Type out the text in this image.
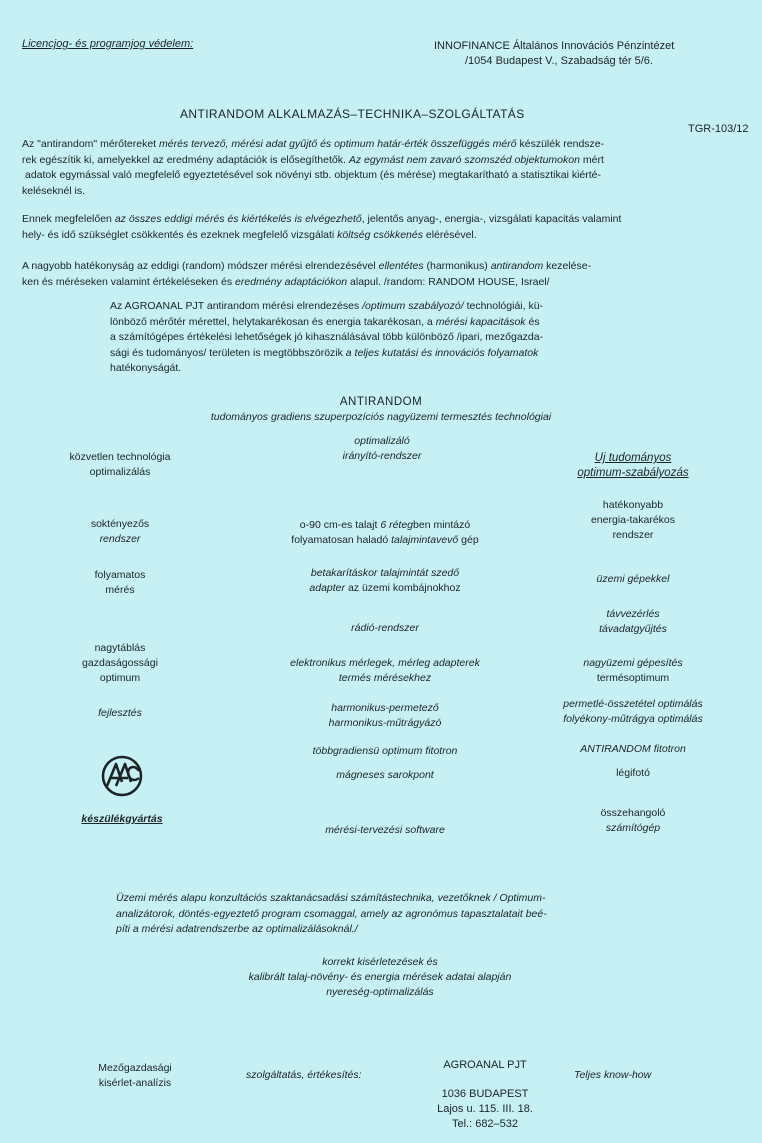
Licencjog- és programjog védelem:	INNOFINANCE Általános Innovációs Pénzintézet
/1054 Budapest V., Szabadság tér 5/6.
ANTIRANDOM ALKALMAZÁS–TECHNIKA–SZOLGÁLTATÁS
TGR-103/12
Az "antirandom" mérőtereket mérés tervező, mérési adat gyűjtő és optimum határ-érték összefüggés mérő készülék rendsze-
rek egészítik ki, amelyekkel az eredmény adaptációk is elősegíthetők. Az egymást nem zavaró szomszéd objektumokon mért
adatok egymással való megfelelő egyeztetésével sok növényi stb. objektum (és mérése) megtakarítható a statisztikai kiérté-
keléseknél is.
Ennek megfelelően az összes eddigi mérés és kiértékelés is elvégezhető, jelentős anyag-, energia-, vizsgálati kapacitás valamint
hely- és idő szükséglet csökkentés és ezeknek megfelelő vizsgálati költség csökkenés elérésével.
A nagyobb hatékonyság az eddigi (random) módszer mérési elrendezésével ellentétes (harmonikus) antirandom kezelése-
ken és méréseken valamint értékeléseken és eredmény adaptációkon alapul. /random: RANDOM HOUSE, Israel/
Az AGROANAL PJT antirandom mérési elrendezéses /optimum szabályozó/ technológiái, kü-
lönböző mérőtér mérettel, helytakarékosan és energia takarékosan, a mérési kapacitások és
a számítógépes értékelési lehetőségek jó kihasználásával több különböző /ipari, mezőgazda-
sági és tudományos/ területen is megtöbbszörözik a teljes kutatási és innovációs folyamatok
hatékonyságát.
ANTIRANDOM
tudományos gradiens szuperpozíciós nagyüzemi termesztés technológiai
optimalizáló
irányító-rendszer
közvetlen technológia
optimalizálás
soktényezős
rendszer
folyamatos
mérés
nagytáblás
gazdaságossági
optimum
fejlesztés
készülékgyártás
o-90 cm-es talajt 6 rétegben mintázó
folyamatosan haladó talajmintavevő gép
betakarításkor talajmintát szedő
adapter az üzemi kombájnokhoz
rádió-rendszer
elektronikus mérlegek, mérleg adapterek
termés mérésekhez
harmonikus-permetező
harmonikus-műtrágyázó
többgradiensü optimum fitotron
mágneses sarokpont
mérési-tervezési software
Uj tudományos
optimum-szabályozás
hatékonyabb
energia-takarékos
rendszer
üzemi gépekkel
távvezérlés
távadatgyűjtés
nagyüzemi gépesítés
termésoptimum
permetlé-összetétel optimálás
folyékony-műtrágya optimálás
ANTIRANDOM fitotron
légifotó
összehangoló
számítógép
Üzemi mérés alapu konzultációs szaktanácsadási számítástechnika, vezetőknek / Optimum-
analizátorok, döntés-egyeztető program csomaggal, amely az agronómus tapasztalatait beé-
píti a mérési adatrendszerbe az optimalizálásoknál./
korrekt kisérletezések és
kalibrált talaj-növény- és energia mérések adatai alapján
nyereség-optimalizálás
Mezőgazdasági
kisérlet-analízis
szolgáltatás, értékesítés:
AGROANAL PJT
1036 BUDAPEST
Lajos u. 115. III. 18.
Tel.: 682–532
Teljes know-how
